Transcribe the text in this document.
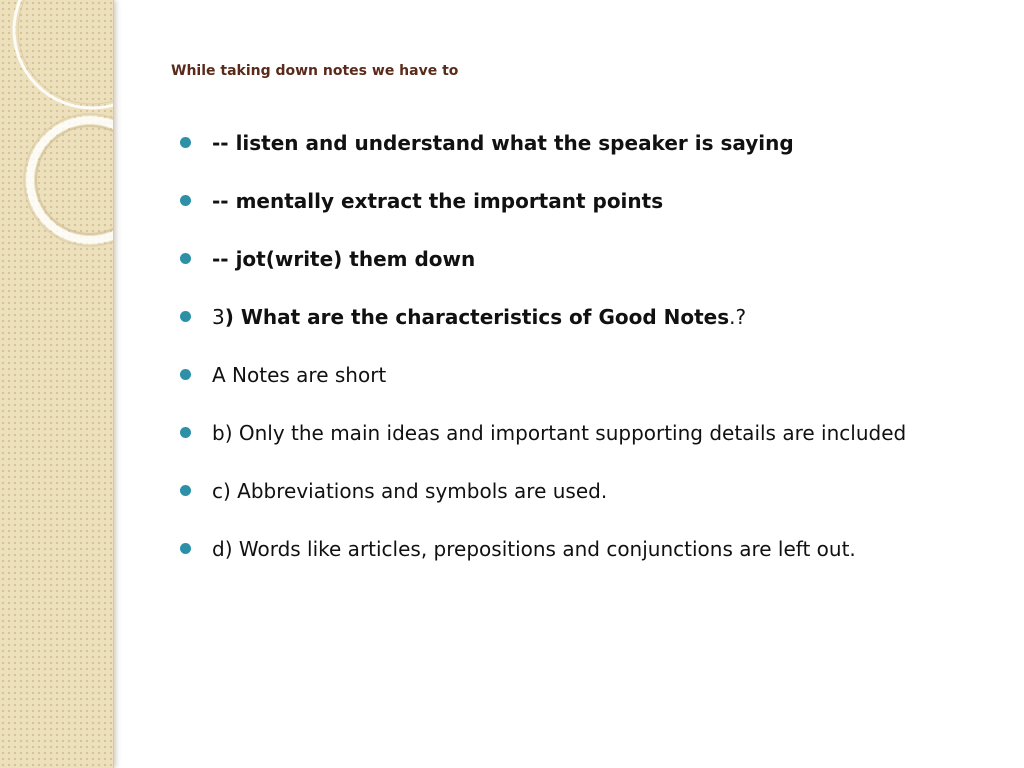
While taking down notes we have to
-- listen and understand what the speaker is saying
-- mentally extract the important points
-- jot(write) them down
3) What are the characteristics of Good Notes.?
A Notes are short
b) Only the main ideas and important supporting details are included
c) Abbreviations and symbols are used.
d) Words like articles, prepositions and conjunctions are left out.
